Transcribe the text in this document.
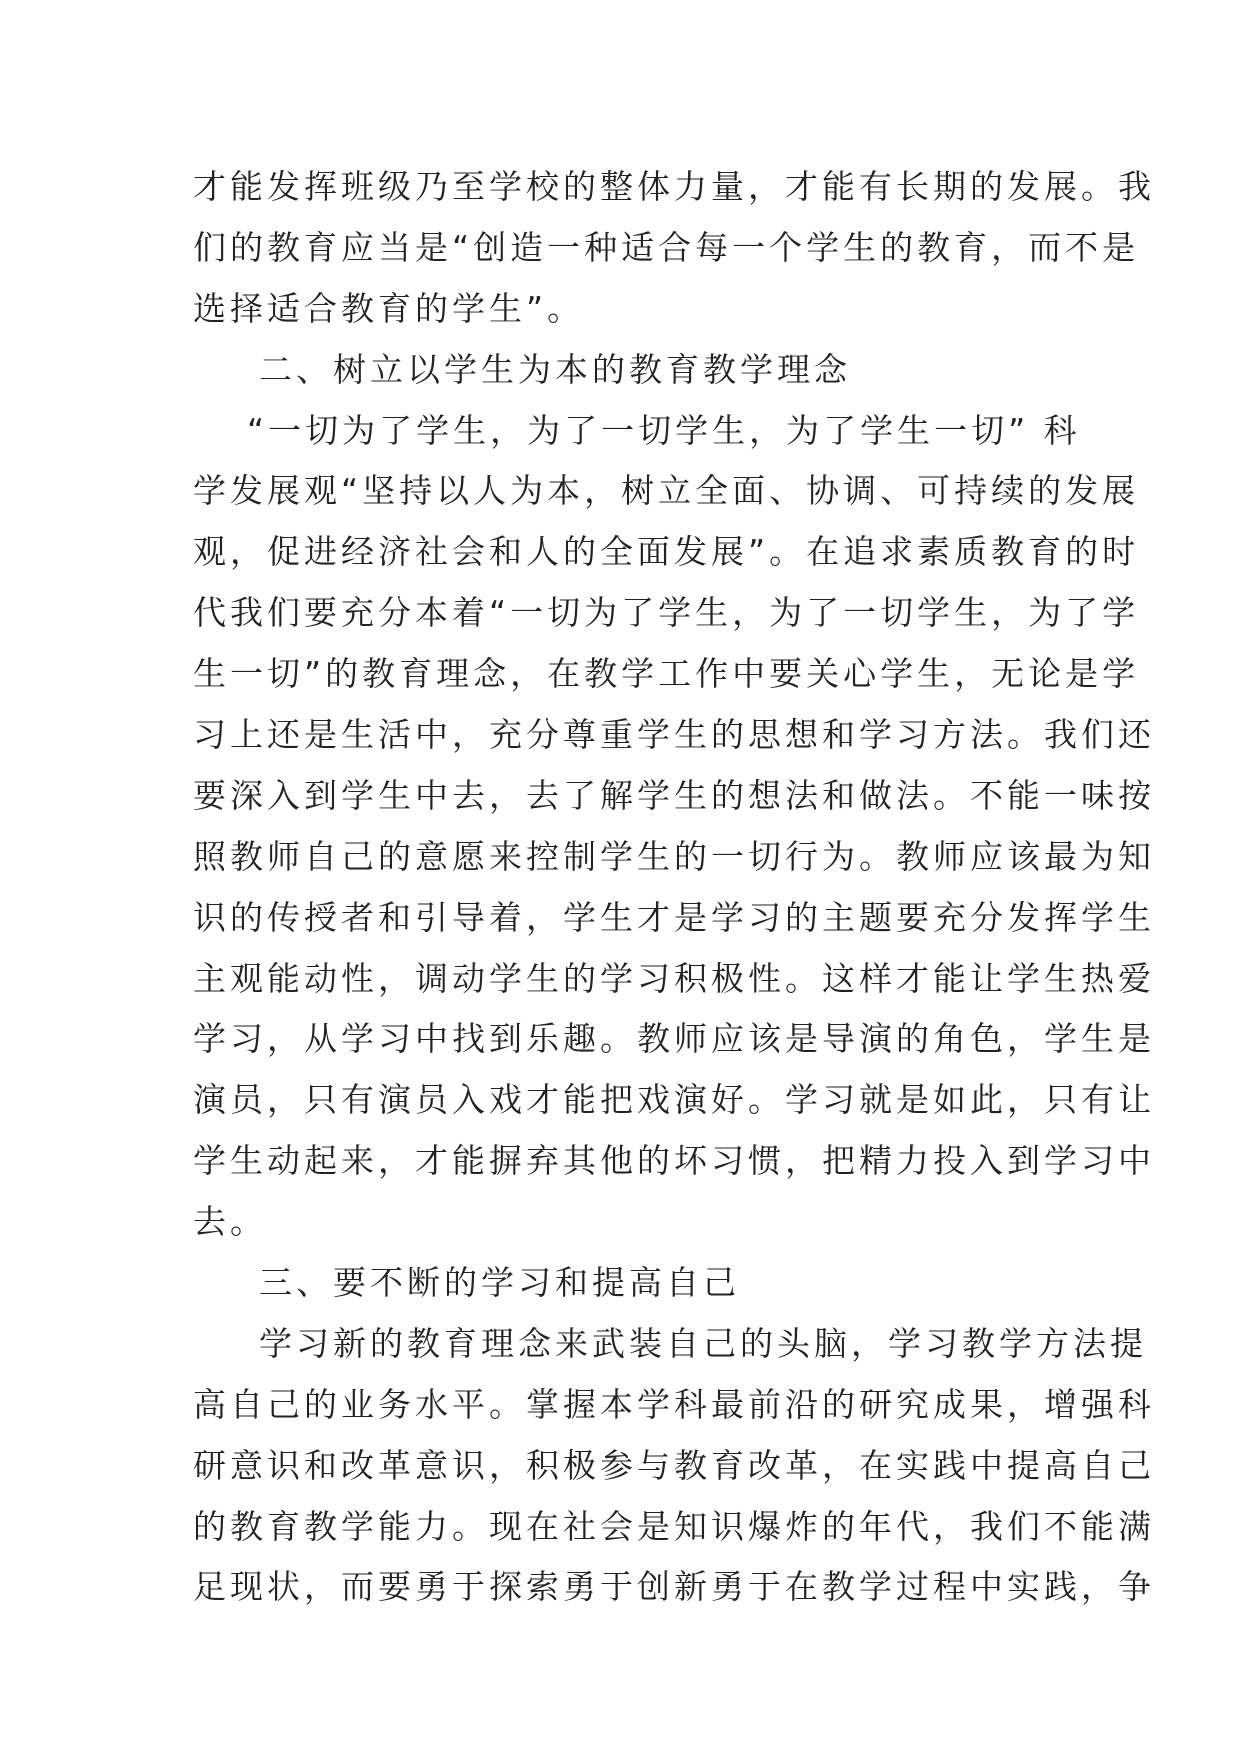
才能发挥班级乃至学校的整体力量，才能有长期的发展。我
们的教育应当是“创造一种适合每一个学生的教育，而不是
选择适合教育的学生”。
二、树立以学生为本的教育教学理念
“一切为了学生，为了一切学生，为了学生一切” 科
学发展观“坚持以人为本，树立全面、协调、可持续的发展
观，促进经济社会和人的全面发展”。在追求素质教育的时
代我们要充分本着“一切为了学生，为了一切学生，为了学
生一切”的教育理念，在教学工作中要关心学生，无论是学
习上还是生活中，充分尊重学生的思想和学习方法。我们还
要深入到学生中去，去了解学生的想法和做法。不能一味按
照教师自己的意愿来控制学生的一切行为。教师应该最为知
识的传授者和引导着，学生才是学习的主题要充分发挥学生
主观能动性，调动学生的学习积极性。这样才能让学生热爱
学习，从学习中找到乐趣。教师应该是导演的角色，学生是
演员，只有演员入戏才能把戏演好。学习就是如此，只有让
学生动起来，才能摒弃其他的坏习惯，把精力投入到学习中
去。
三、要不断的学习和提高自己
学习新的教育理念来武装自己的头脑，学习教学方法提
高自己的业务水平。掌握本学科最前沿的研究成果，增强科
研意识和改革意识，积极参与教育改革，在实践中提高自己
的教育教学能力。现在社会是知识爆炸的年代，我们不能满
足现状，而要勇于探索勇于创新勇于在教学过程中实践，争
